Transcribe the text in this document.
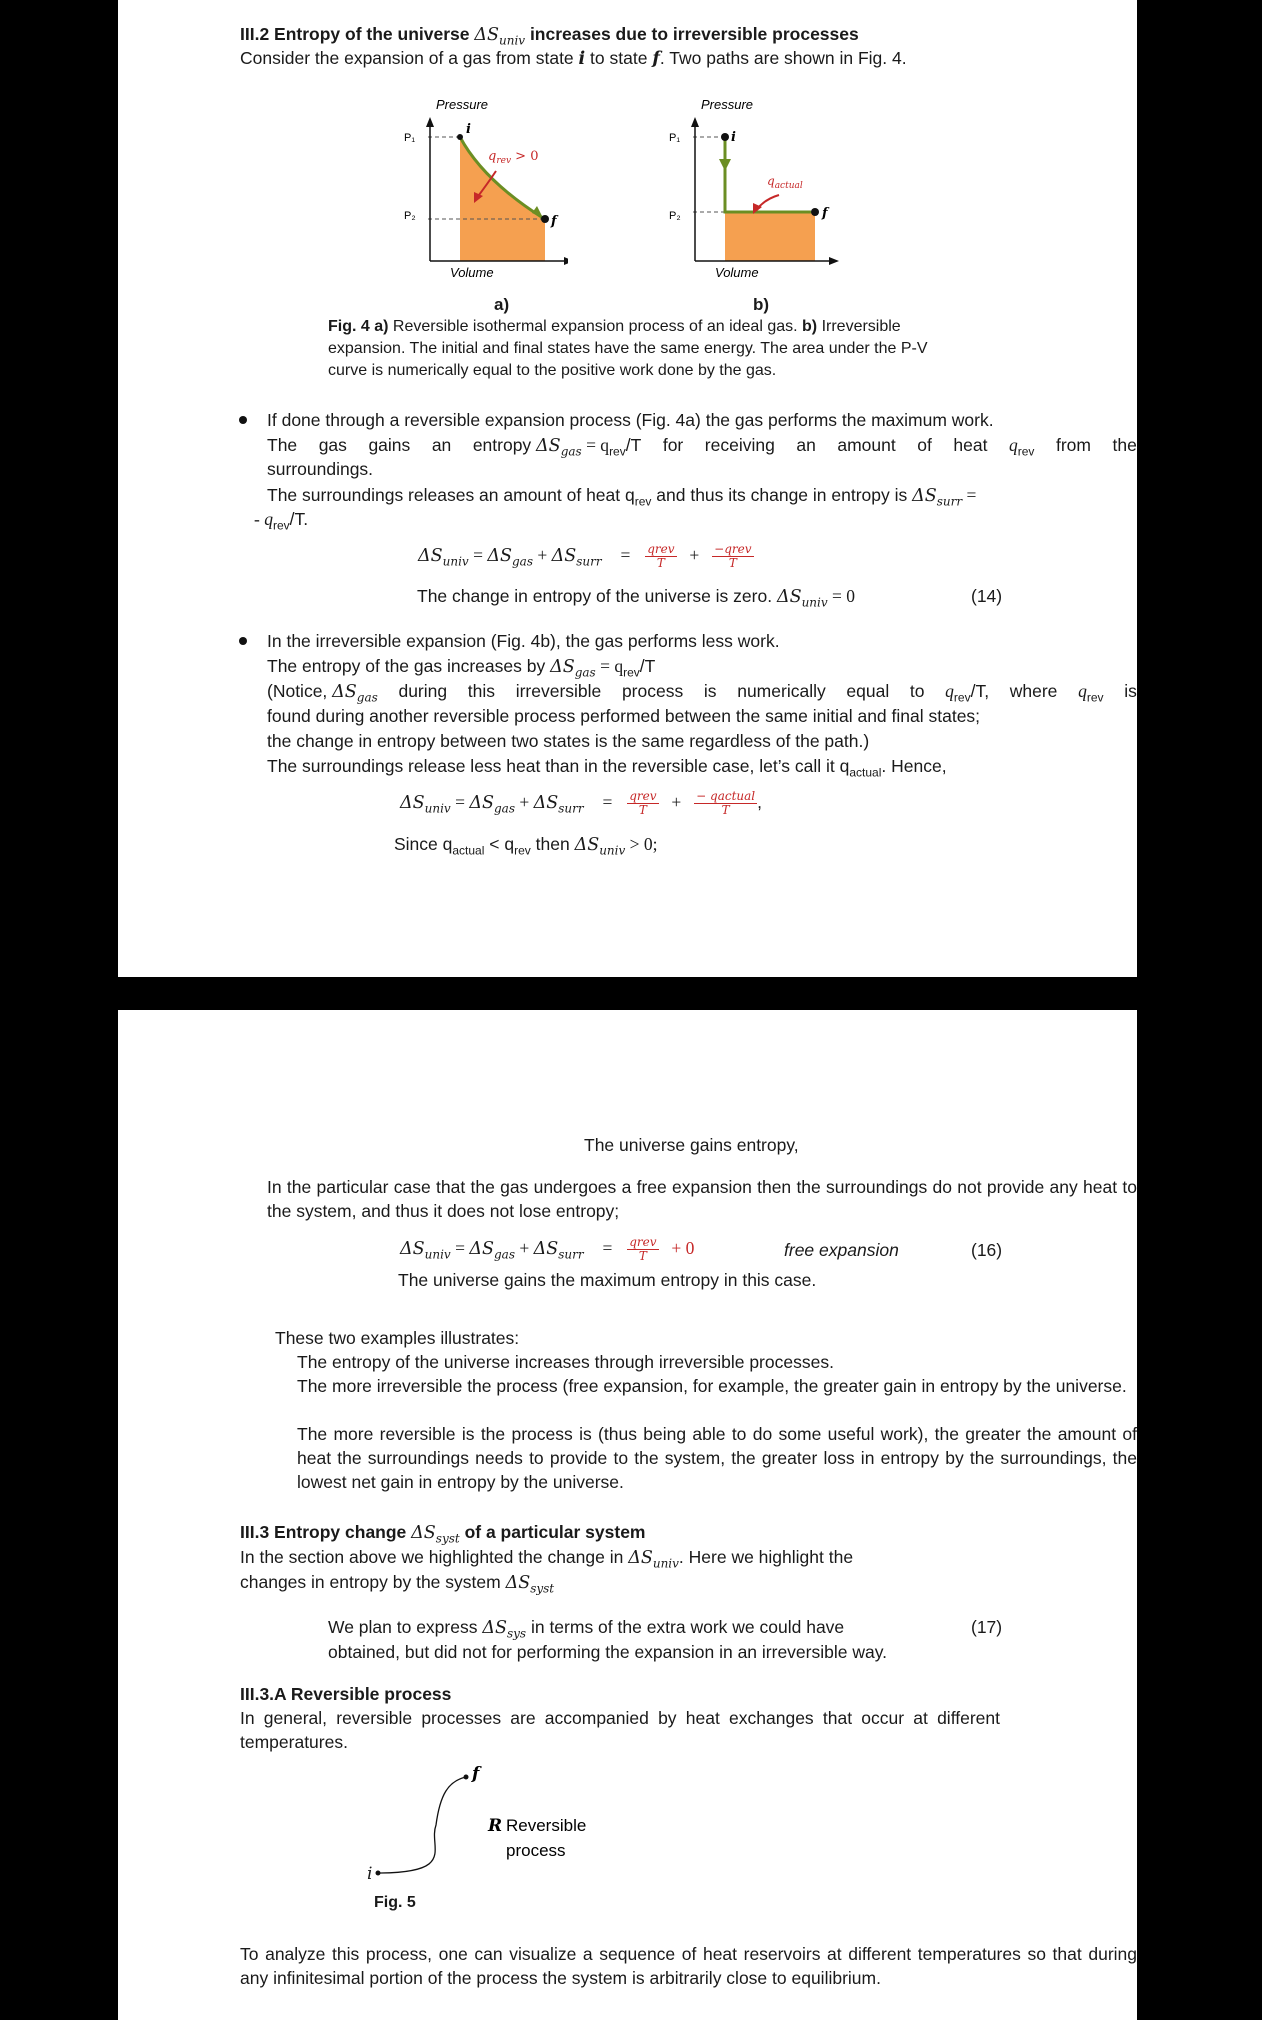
III.2 Entropy of the universe $\Delta S_{univ}$ increases due to irreversible processes
Consider the expansion of a gas from state i to state f. Two paths are shown in Fig. 4.
Pressure
P₁
P₂
i
f
$q_{rev} > 0$
Volume
a)
Pressure
P₁
P₂
i
f
$q_{actual}$
Volume
b)
Fig. 4 a) Reversible isothermal expansion process of an ideal gas. b) Irreversible expansion. The initial and final states have the same energy. The area under the P-V curve is numerically equal to the positive work done by the gas.
If done through a reversible expansion process (Fig. 4a) the gas performs the maximum work.
The gas gains an entropy $\Delta S_{gas} = q_{rev}/T$ for receiving an amount of heat $q_{rev}$ from the
surroundings.
The surroundings releases an amount of heat $q_{rev}$ and thus its change in entropy is $\Delta S_{surr}$ =
- $q_{rev}/T$.
$\Delta S_{univ} = \Delta S_{gas} + \Delta S_{surr} = \frac{\text{qrev}}{T} + \frac{\text{−qrev}}{T}$
The change in entropy of the universe is zero. $\Delta S_{univ} = 0$	(14)
In the irreversible expansion (Fig. 4b), the gas performs less work.
The entropy of the gas increases by $\Delta S_{gas} = q_{rev}/T$
(Notice, $\Delta S_{gas}$ during this irreversible process is numerically equal to $q_{rev}/T$, where $q_{rev}$ is
found during another reversible process performed between the same initial and final states;
the change in entropy between two states is the same regardless of the path.)
The surroundings release less heat than in the reversible case, let’s call it $q_{actual}$. Hence,
$\Delta S_{univ} = \Delta S_{gas} + \Delta S_{surr} = \frac{\text{qrev}}{T} + \frac{\text{− qactual}}{T}$ ,
Since $q_{actual} < q_{rev}$ then $\Delta S_{univ} > 0$;
The universe gains entropy,
In the particular case that the gas undergoes a free expansion then the surroundings do not provide any heat to the system, and thus it does not lose entropy;
$\Delta S_{univ} = \Delta S_{gas} + \Delta S_{surr} = \frac{\text{qrev}}{T} + 0$	free expansion	(16)
The universe gains the maximum entropy in this case.
These two examples illustrates:
The entropy of the universe increases through irreversible processes.
The more irreversible the process (free expansion, for example, the greater gain in entropy by the universe.
The more reversible is the process is (thus being able to do some useful work), the greater the amount of heat the surroundings needs to provide to the system, the greater loss in entropy by the surroundings, the lowest net gain in entropy by the universe.
III.3 Entropy change $\Delta S_{syst}$ of a particular system
In the section above we highlighted the change in $\Delta S_{univ}$. Here we highlight the
changes in entropy by the system $\Delta S_{syst}$
We plan to express $\Delta S_{sys}$ in terms of the extra work we could have
obtained, but did not for performing the expansion in an irreversible way.
(17)
III.3.A Reversible process
In general, reversible processes are accompanied by heat exchanges that occur at different temperatures.
f
R Reversible
process
i
Fig. 5
To analyze this process, one can visualize a sequence of heat reservoirs at different temperatures so that during any infinitesimal portion of the process the system is arbitrarily close to equilibrium.
